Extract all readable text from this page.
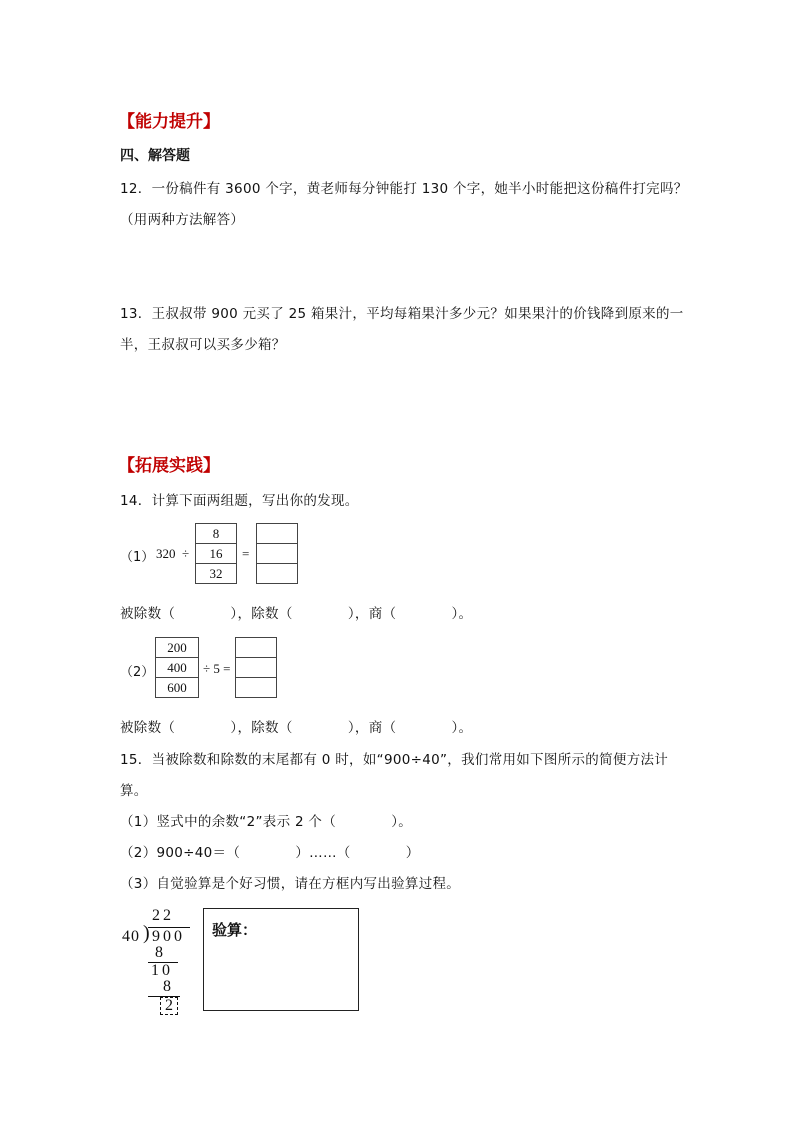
【能力提升】
四、解答题
12．一份稿件有 3600 个字，黄老师每分钟能打 130 个字，她半小时能把这份稿件打完吗？
（用两种方法解答）
13．王叔叔带 900 元买了 25 箱果汁，平均每箱果汁多少元？如果果汁的价钱降到原来的一
半，王叔叔可以买多少箱？
【拓展实践】
14．计算下面两组题，写出你的发现。
（1） 320 ÷
8
16
32
=

被除数（　　　　），除数（　　　　），商（　　　　）。
（2）
200
400
600
÷ 5 =

被除数（　　　　），除数（　　　　），商（　　　　）。
15．当被除数和除数的末尾都有 0 时，如“900÷40”，我们常用如下图所示的简便方法计
算。
（1）竖式中的余数“2”表示 2 个（　　　　）。
（2）900÷40＝（　　　　）……（　　　　）
（3）自觉验算是个好习惯，请在方框内写出验算过程。
22
40 ) 900
8
10
8
2
验算：
